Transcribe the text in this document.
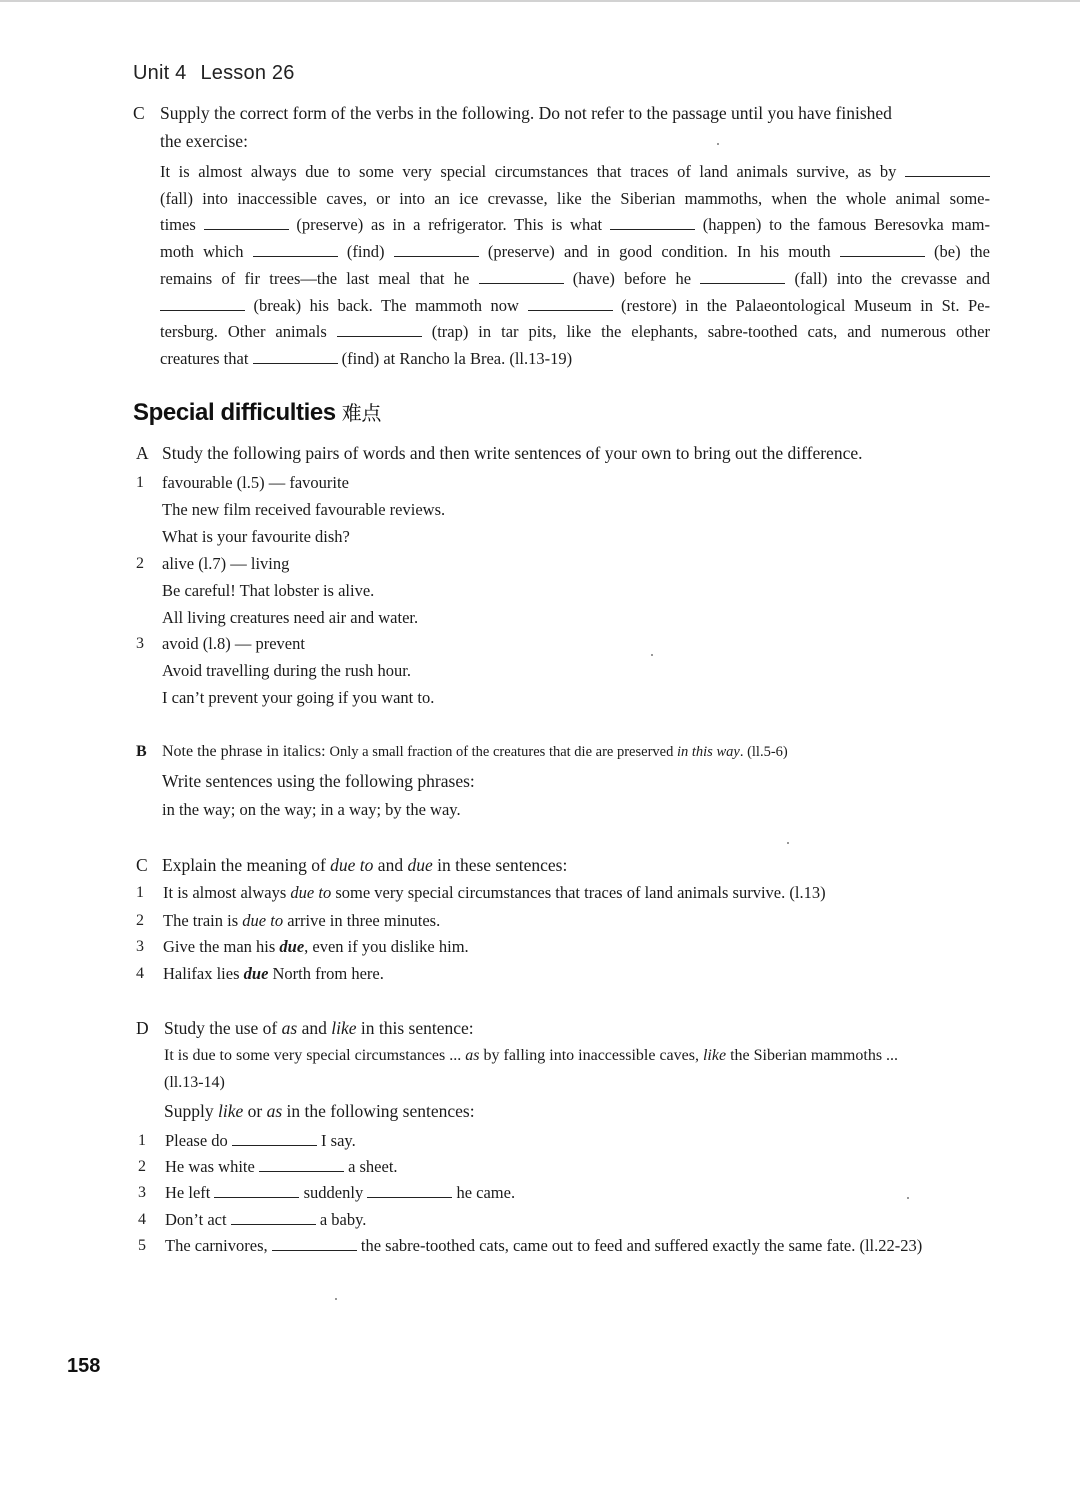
Unit 4 Lesson 26
C Supply the correct form of the verbs in the following. Do not refer to the passage until you have finished
the exercise:
It is almost always due to some very special circumstances that traces of land animals survive, as by
(fall) into inaccessible caves, or into an ice crevasse, like the Siberian mammoths, when the whole animal some-
times	(preserve) as in a refrigerator. This is what	(happen) to the famous Beresovka mam-
moth which	(find)	(preserve) and in good condition. In his mouth	(be) the
remains of fir trees—the last meal that he	(have) before he	(fall) into the crevasse and
(break) his back. The mammoth now	(restore) in the Palaeontological Museum in St. Pe-
tersburg. Other animals	(trap) in tar pits, like the elephants, sabre-toothed cats, and numerous other
creatures that	(find) at Rancho la Brea. (ll.13-19)
Special difficulties 难点
A Study the following pairs of words and then write sentences of your own to bring out the difference.
1 favourable (l.5) — favourite
The new film received favourable reviews.
What is your favourite dish?
2 alive (l.7) — living
Be careful! That lobster is alive.
All living creatures need air and water.
3 avoid (l.8) — prevent
Avoid travelling during the rush hour.
I can’t prevent your going if you want to.
B Note the phrase in italics: Only a small fraction of the creatures that die are preserved in this way. (ll.5-6)
Write sentences using the following phrases:
in the way; on the way; in a way; by the way.
C Explain the meaning of due to and due in these sentences:
1 It is almost always due to some very special circumstances that traces of land animals survive. (l.13)
2 The train is due to arrive in three minutes.
3 Give the man his due, even if you dislike him.
4 Halifax lies due North from here.
D Study the use of as and like in this sentence:
It is due to some very special circumstances ... as by falling into inaccessible caves, like the Siberian mammoths ...
(ll.13-14)
Supply like or as in the following sentences:
1 Please do	I say.
2 He was white	a sheet.
3 He left	suddenly	he came.
4 Don’t act	a baby.
5 The carnivores,	the sabre-toothed cats, came out to feed and suffered exactly the same fate. (ll.22-23)
158
